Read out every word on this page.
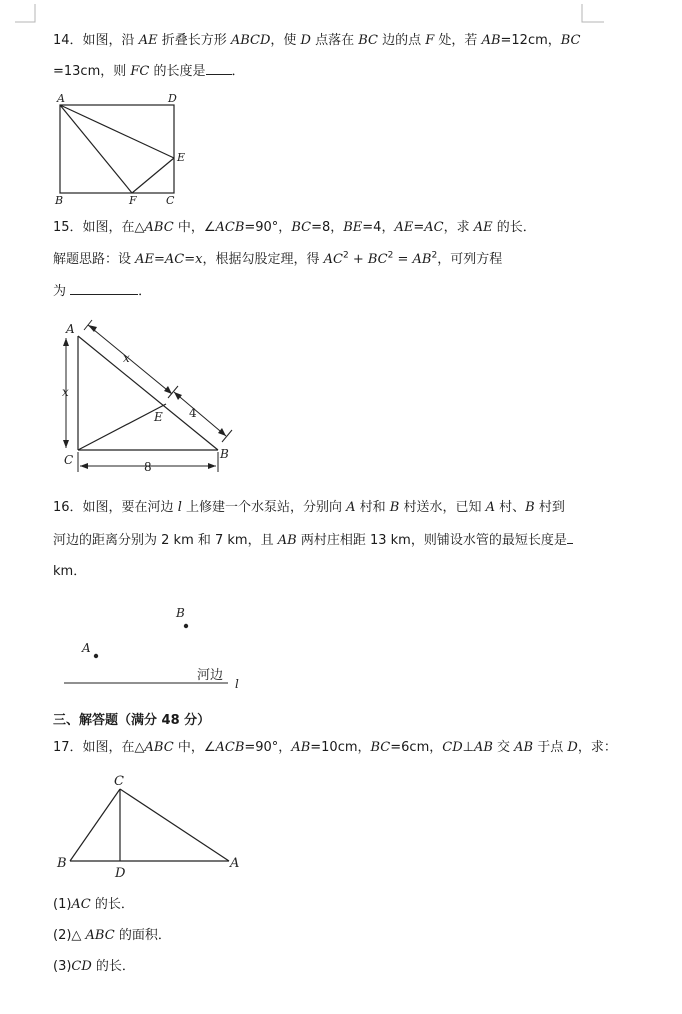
14．如图，沿 AE 折叠长方形 ABCD，使 D 点落在 BC 边的点 F 处，若 AB=12cm，BC
=13cm，则 FC 的长度是 ．
A	D
E
B	F	C
15．如图，在△ABC 中，∠ACB=90°，BC=8，BE=4，AE=AC，求 AE 的长．
解题思路：设 AE=AC=x，根据勾股定理，得 $AC^2 + BC^2 = AB^2$，可列方程
为	．
A
C	B
E
x
x
4
8
16．如图，要在河边 l 上修建一个水泵站，分别向 A 村和 B 村送水，已知 A 村、B 村到
河边的距离分别为 2 km 和 7 km，且 AB 两村庄相距 13 km，则铺设水管的最短长度是
km．
B
A
河边
l
三、解答题（满分 48 分）
17．如图，在△ABC 中，∠ACB=90°，AB=10cm，BC=6cm，CD⊥AB 交 AB 于点 D，求：
C
B
D
A
(1)AC 的长．
(2)△ ABC 的面积．
(3)CD 的长．
